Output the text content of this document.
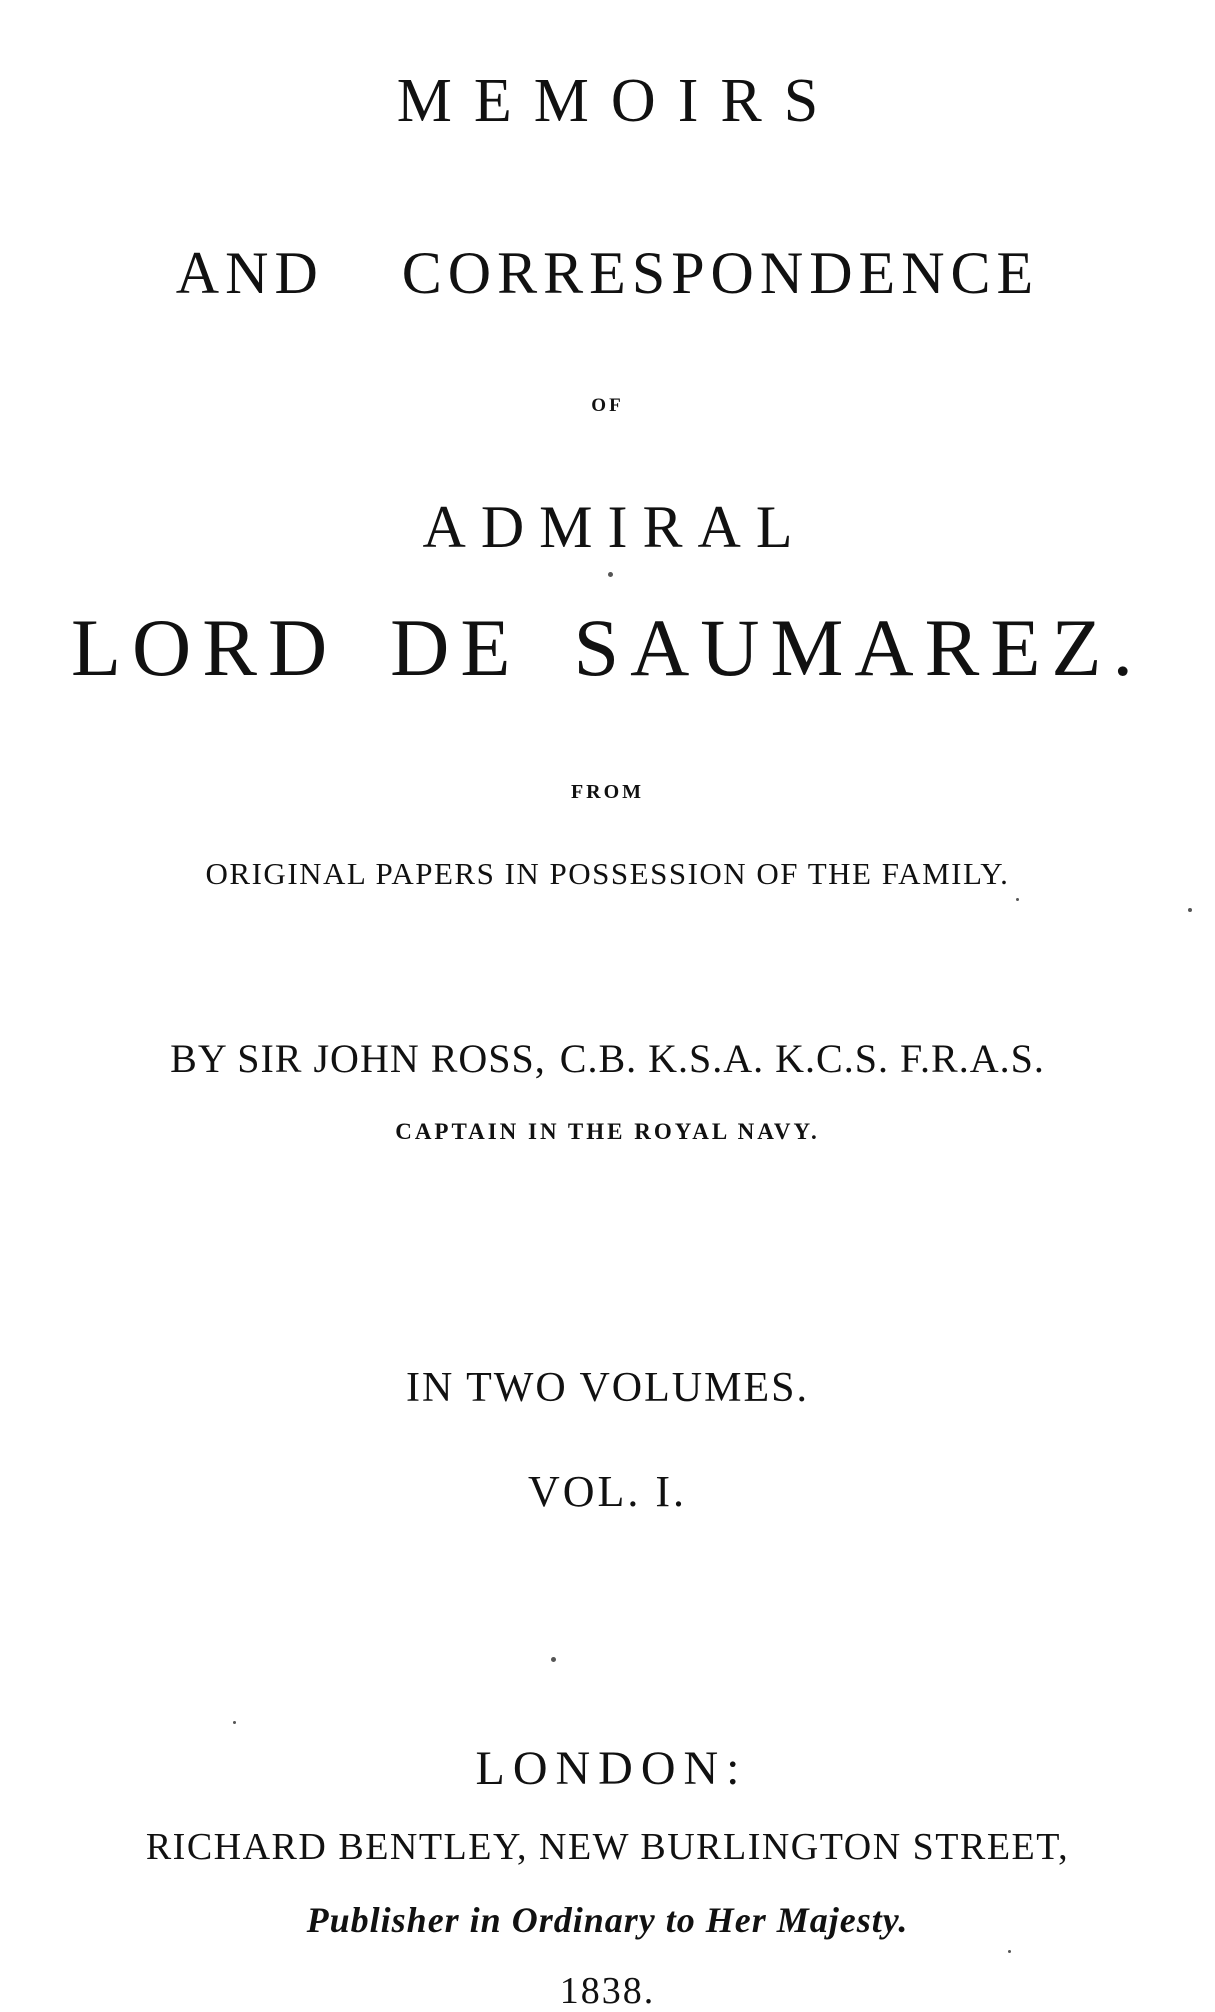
MEMOIRS
AND CORRESPONDENCE
OF
ADMIRAL
LORD DE SAUMAREZ.
FROM
ORIGINAL PAPERS IN POSSESSION OF THE FAMILY.
BY SIR JOHN ROSS, C.B. K.S.A. K.C.S. F.R.A.S.
CAPTAIN IN THE ROYAL NAVY.
IN TWO VOLUMES.
VOL. I.
LONDON:
RICHARD BENTLEY, NEW BURLINGTON STREET,
Publisher in Ordinary to Her Majesty.
1838.
